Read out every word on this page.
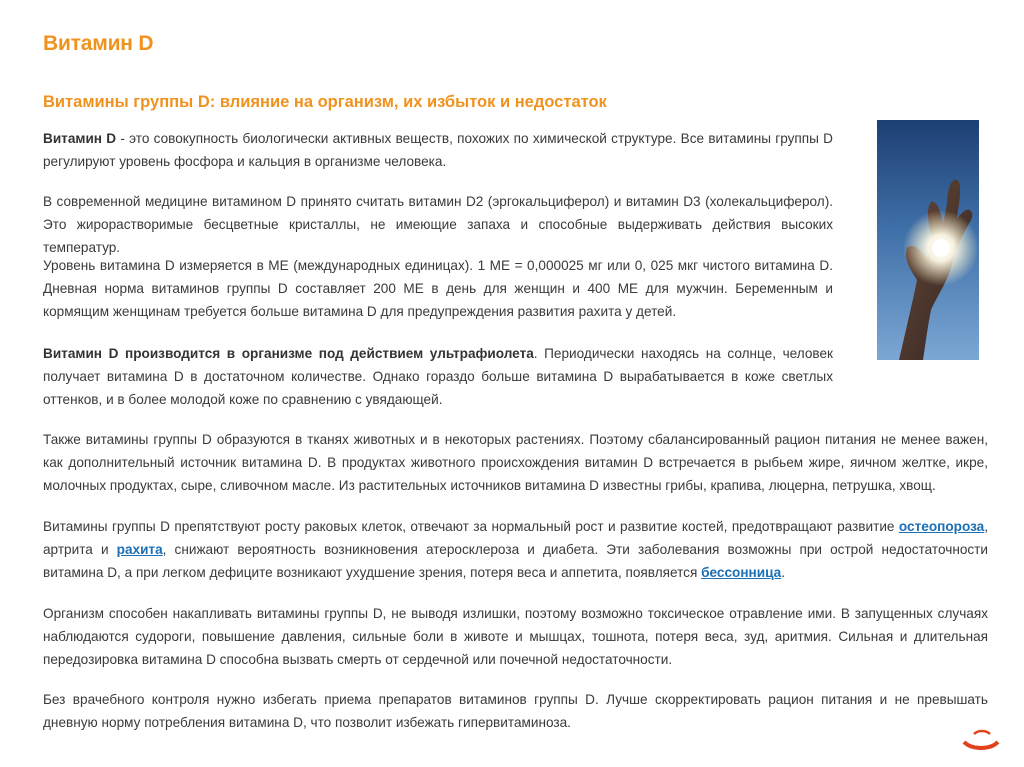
Витамин D
Витамины группы D: влияние на организм, их избыток и недостаток

Витамин D - это совокупность биологически активных веществ, похожих по химической структуре. Все витамины группы D регулируют уровень фосфора и кальция в организме человека.

В современной медицине витамином D принято считать витамин D2 (эргокальциферол) и витамин D3 (холекальциферол). Это жирорастворимые бесцветные кристаллы, не имеющие запаха и способные выдерживать действия высоких температур.

Уровень витамина D измеряется в МЕ (международных единицах). 1 МЕ = 0,000025 мг или 0, 025 мкг чистого витамина D. Дневная норма витаминов группы D составляет 200 МЕ в день для женщин и 400 МЕ для мужчин. Беременным и кормящим женщинам требуется больше витамина D для предупреждения развития рахита у детей.

Витамин D производится в организме под действием ультрафиолета. Периодически находясь на солнце, человек получает витамина D в достаточном количестве. Однако гораздо больше витамина D вырабатывается в коже светлых оттенков, и в более молодой коже по сравнению с увядающей.

Также витамины группы D образуются в тканях животных и в некоторых растениях. Поэтому сбалансированный рацион питания не менее важен, как дополнительный источник витамина D. В продуктах животного происхождения витамин D встречается в рыбьем жире, яичном желтке, икре, молочных продуктах, сыре, сливочном масле. Из растительных источников витамина D известны грибы, крапива, люцерна, петрушка, хвощ.

Витамины группы D препятствуют росту раковых клеток, отвечают за нормальный рост и развитие костей, предотвращают развитие остеопороза, артрита и рахита, снижают вероятность возникновения атеросклероза и диабета. Эти заболевания возможны при острой недостаточности витамина D, а при легком дефиците возникают ухудшение зрения, потеря веса и аппетита, появляется бессонница.

Организм способен накапливать витамины группы D, не выводя излишки, поэтому возможно токсическое отравление ими. В запущенных случаях наблюдаются судороги, повышение давления, сильные боли в животе и мышцах, тошнота, потеря веса, зуд, аритмия. Сильная и длительная передозировка витамина D способна вызвать смерть от сердечной или почечной недостаточности.

Без врачебного контроля нужно избегать приема препаратов витаминов группы D. Лучше скорректировать рацион питания и не превышать дневную норму потребления витамина D, что позволит избежать гипервитаминоза.
